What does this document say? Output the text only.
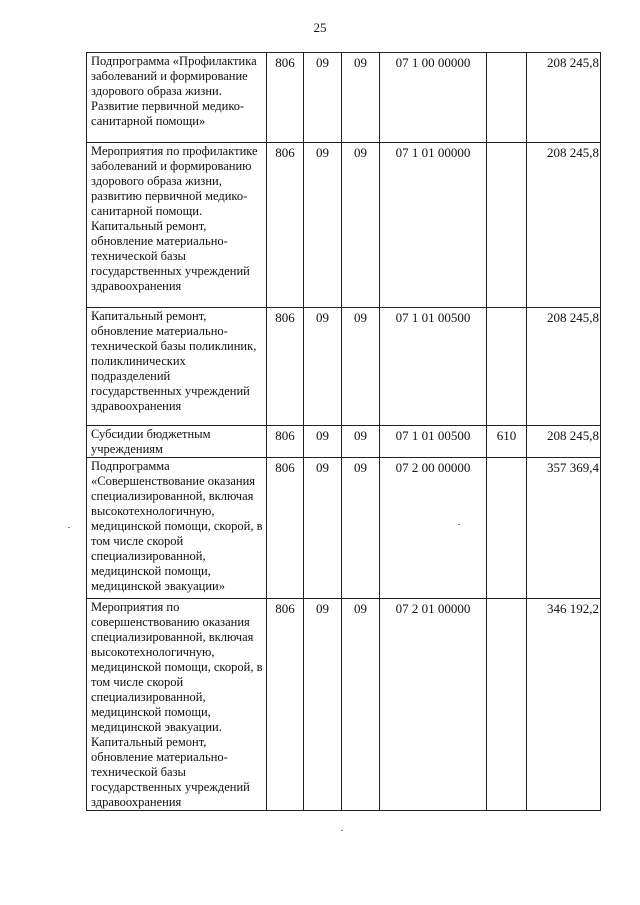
25
Подпрограмма «Профилактика заболеваний и формирование здорового образа жизни. Развитие первичной медико-санитарной помощи»	806	09	09	07 1 00 00000		208 245,8
Мероприятия по профилактике заболеваний и формированию здорового образа жизни, развитию первичной медико-санитарной помощи. Капитальный ремонт, обновление материально-технической базы государственных учреждений здравоохранения	806	09	09	07 1 01 00000		208 245,8
Капитальный ремонт, обновление материально-технической базы поликлиник, поликлинических подразделений государственных учреждений здравоохранения	806	09	09	07 1 01 00500		208 245,8
Субсидии бюджетным учреждениям	806	09	09	07 1 01 00500	610	208 245,8
Подпрограмма «Совершенствование оказания специализированной, включая высокотехнологичную, медицинской помощи, скорой, в том числе скорой специализированной, медицинской помощи, медицинской эвакуации»	806	09	09	07 2 00 00000		357 369,4
Мероприятия по совершенствованию оказания специализированной, включая высокотехнологичную, медицинской помощи, скорой, в том числе скорой специализированной, медицинской помощи, медицинской эвакуации. Капитальный ремонт, обновление материально-технической базы государственных учреждений здравоохранения	806	09	09	07 2 01 00000		346 192,2
